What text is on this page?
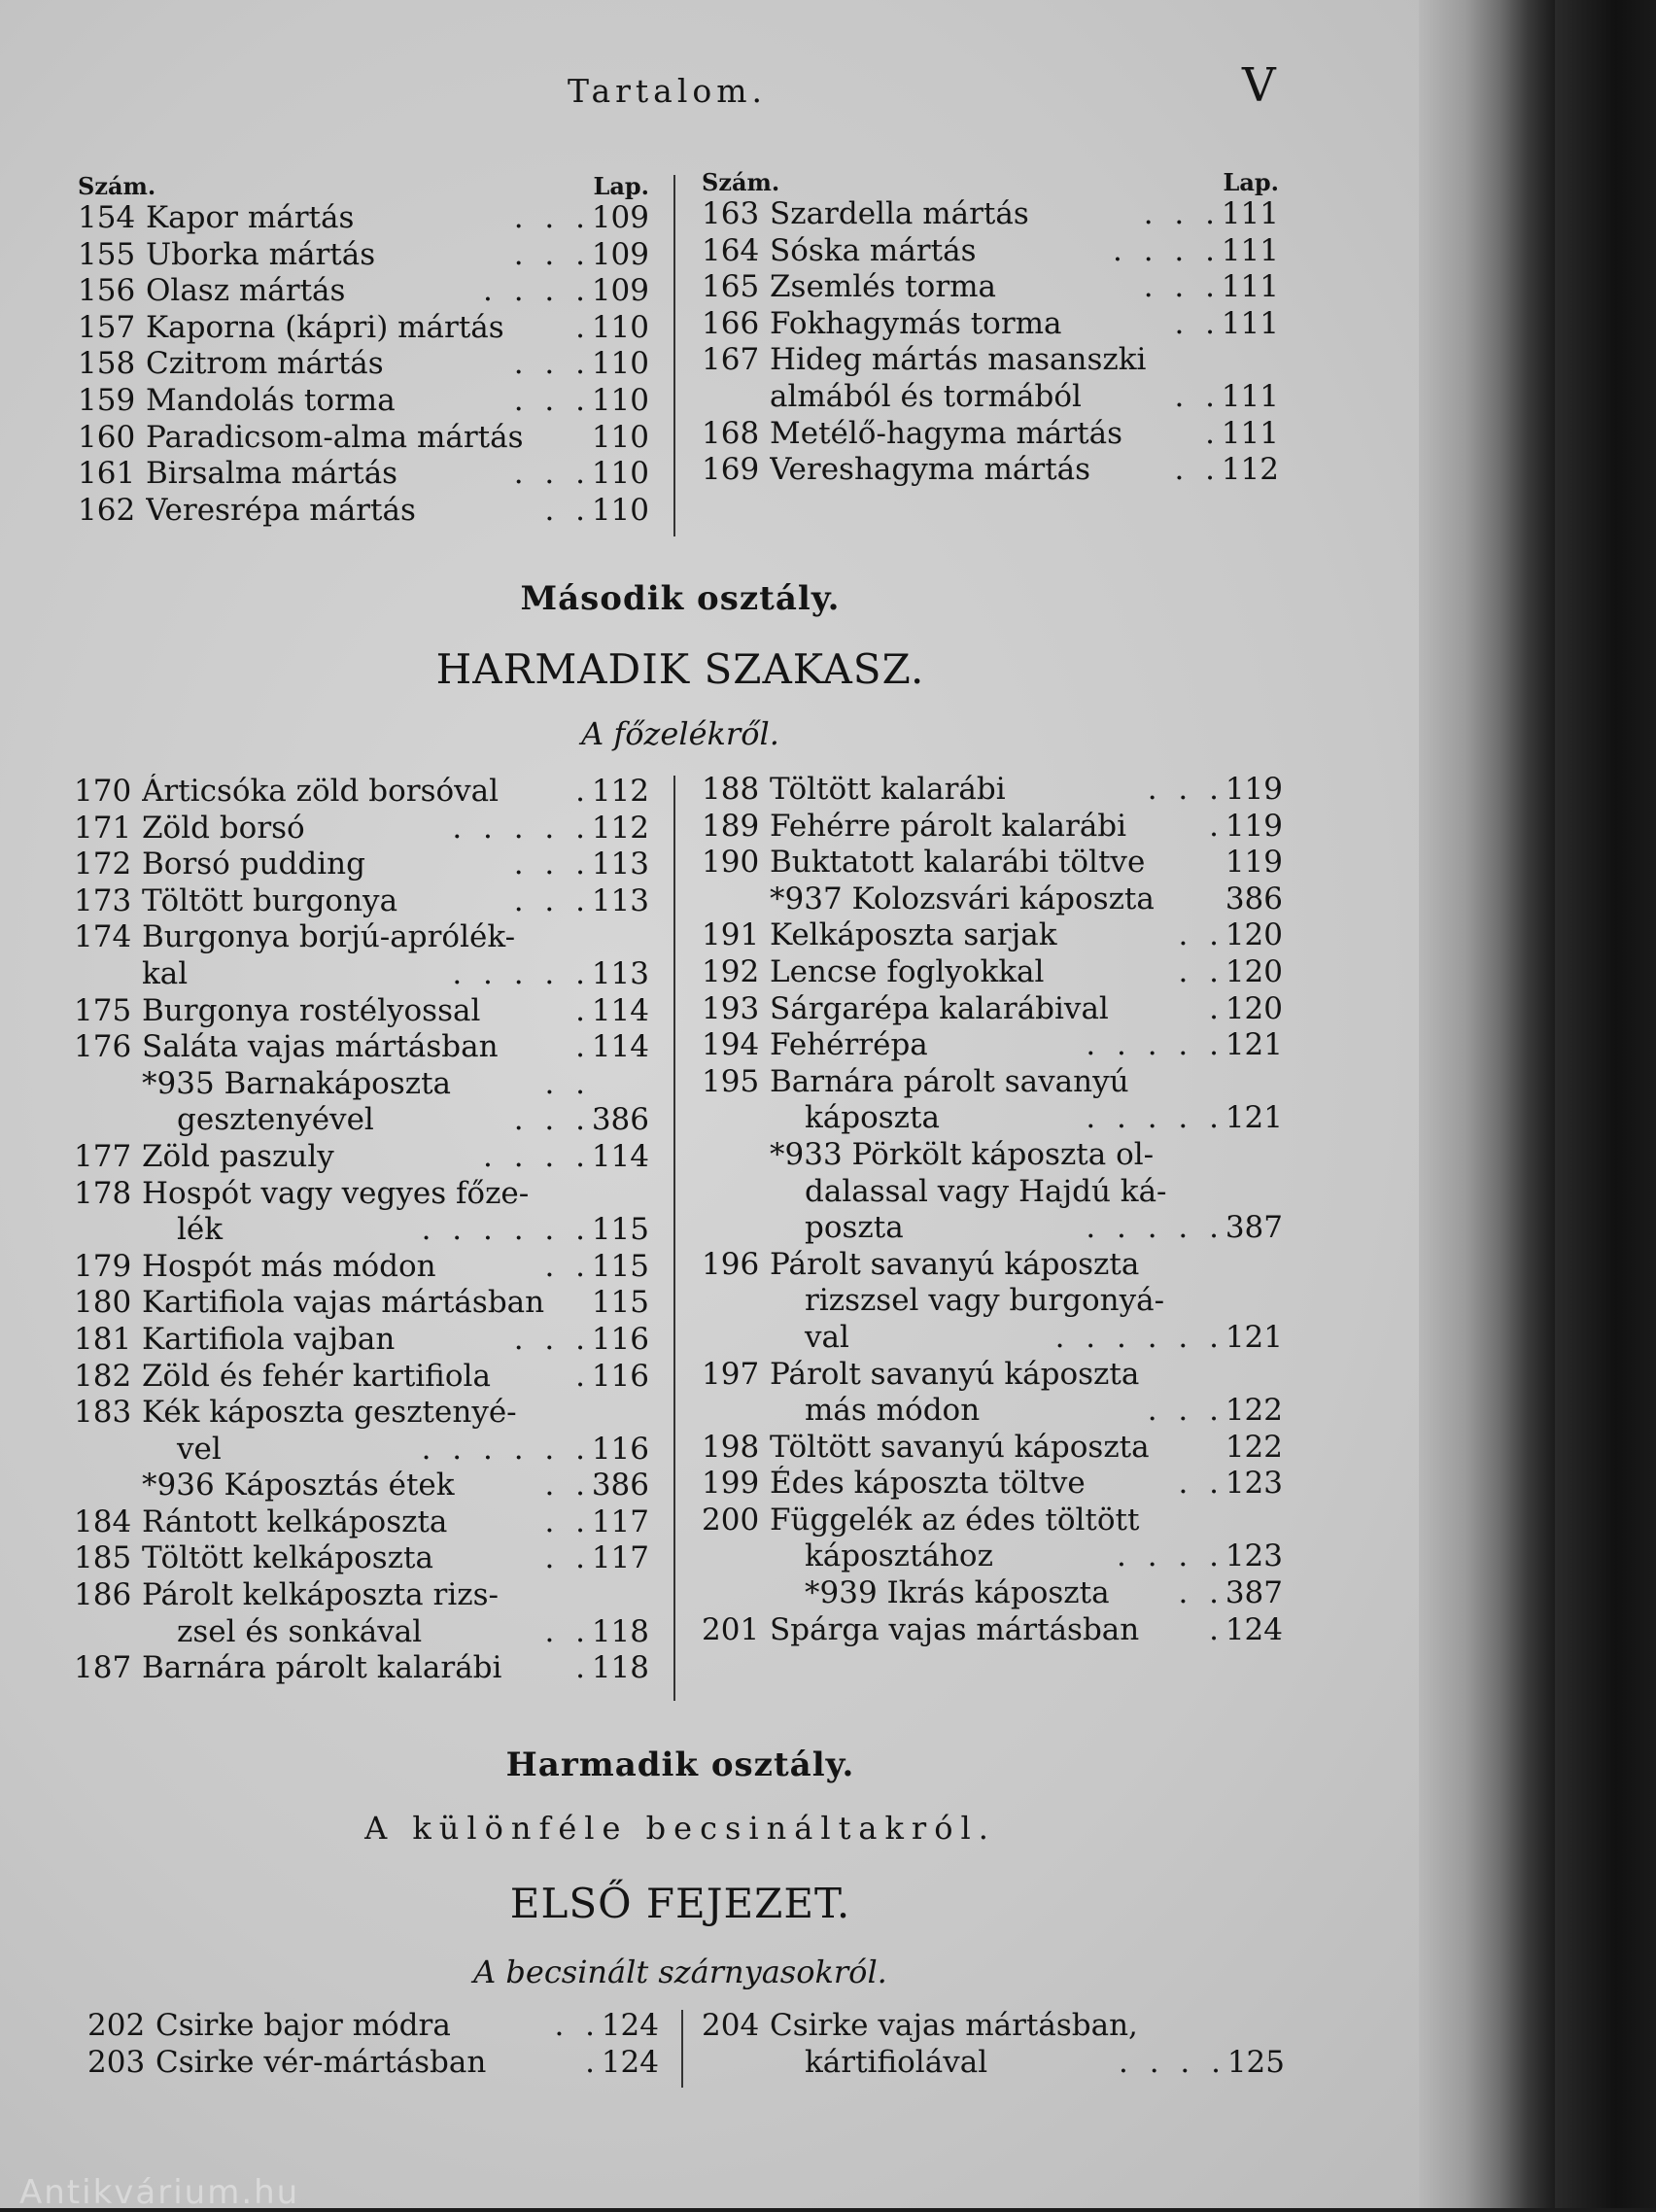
Tartalom.	V
Szám.	Lap.
154 Kapor mártás	. . . 109
155 Uborka mártás	. . . 109
156 Olasz mártás	. . . . 109
157 Kaporna (kápri) mártás	. 110
158 Czitrom mártás	. . . 110
159 Mandolás torma	. . . 110
160 Paradicsom-alma mártás	110
161 Birsalma mártás	. . . 110
162 Veresrépa mártás	. . 110
Szám.	Lap.
163 Szardella mártás	. . . 111
164 Sóska mártás	. . . . 111
165 Zsemlés torma	. . . 111
166 Fokhagymás torma	. . 111
167 Hideg mártás masanszki
almából és tormából	. . 111
168 Metélő-hagyma mártás	. 111
169 Vereshagyma mártás	. . 112
Második osztály.
HARMADIK SZAKASZ.
A főzelékről.
170 Árticsóka zöld borsóval	. 112
171 Zöld borsó	. . . . . 112
172 Borsó pudding	. . . 113
173 Töltött burgonya	. . . 113
174 Burgonya borjú-aprólék-
kal	. . . . . 113
175 Burgonya rostélyossal	. 114
176 Saláta vajas mártásban	. 114
*935 Barnakáposzta	. .
gesztenyével	. . . 386
177 Zöld paszuly	. . . . 114
178 Hospót vagy vegyes főze-
lék	. . . . . . 115
179 Hospót más módon	. . 115
180 Kartifiola vajas mártásban	115
181 Kartifiola vajban	. . . 116
182 Zöld és fehér kartifiola	. 116
183 Kék káposzta gesztenyé-
vel	. . . . . . 116
*936 Káposztás étek	. . 386
184 Rántott kelkáposzta	. . 117
185 Töltött kelkáposzta	. . 117
186 Párolt kelkáposzta rizs-
zsel és sonkával	. . 118
187 Barnára párolt kalarábi	. 118
188 Töltött kalarábi	. . . 119
189 Fehérre párolt kalarábi	. 119
190 Buktatott kalarábi töltve	119
*937 Kolozsvári káposzta	386
191 Kelkáposzta sarjak	. . 120
192 Lencse foglyokkal	. . 120
193 Sárgarépa kalarábival	. 120
194 Fehérrépa	. . . . . 121
195 Barnára párolt savanyú
káposzta	. . . . . 121
*933 Pörkölt káposzta ol-
dalassal vagy Hajdú ká-
poszta	. . . . . 387
196 Párolt savanyú káposzta
rizszsel vagy burgonyá-
val	. . . . . . 121
197 Párolt savanyú káposzta
más módon	. . . 122
198 Töltött savanyú káposzta	122
199 Édes káposzta töltve	. . 123
200 Függelék az édes töltött
káposztához	. . . . 123
*939 Ikrás káposzta	. . 387
201 Spárga vajas mártásban	. 124
Harmadik osztály.
A különféle becsináltakról.
ELSŐ FEJEZET.
A becsinált szárnyasokról.
202 Csirke bajor módra	. . 124
203 Csirke vér-mártásban	. 124
204 Csirke vajas mártásban,
kártifiolával	. . . . 125
Antikvárium.hu
